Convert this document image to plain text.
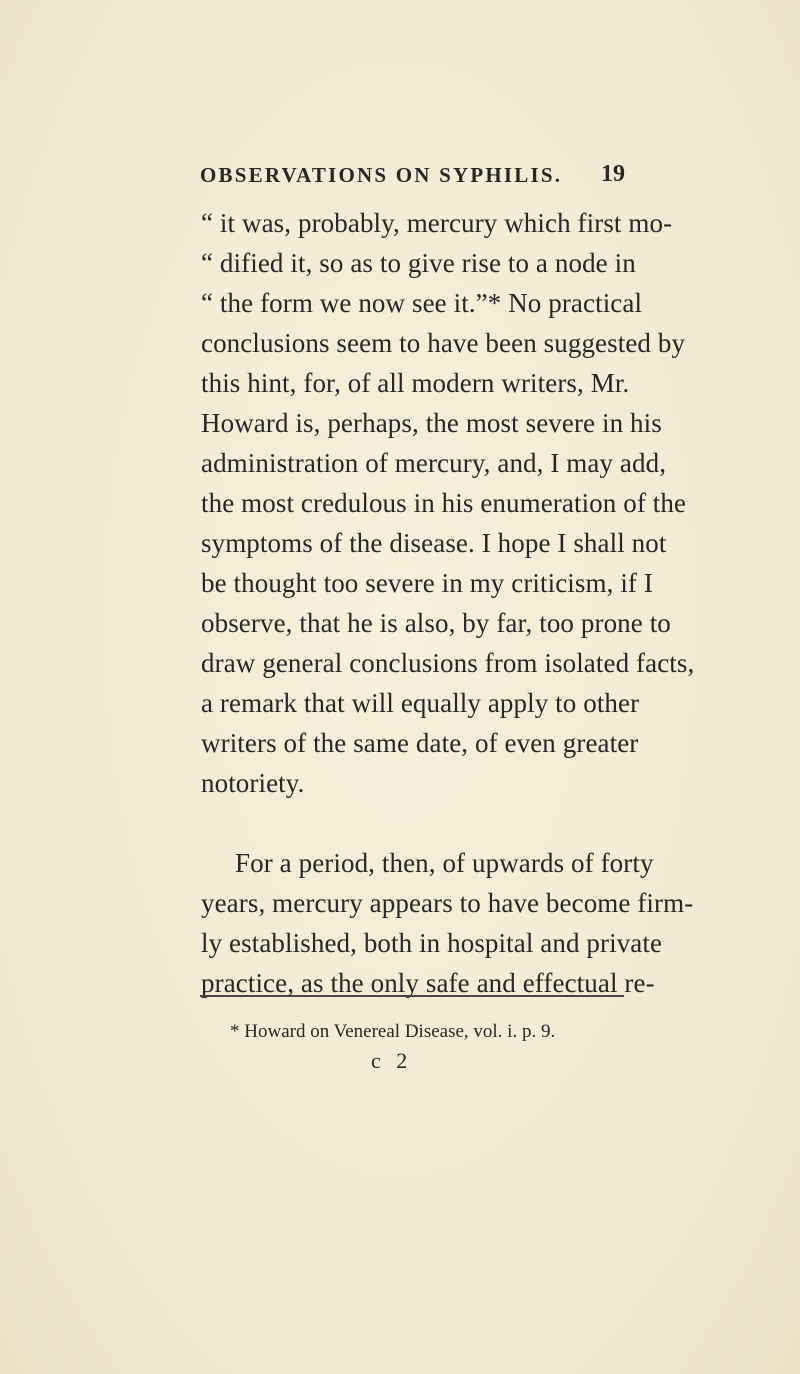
OBSERVATIONS ON SYPHILIS. 19
“ it was, probably, mercury which first mo-
“ dified it, so as to give rise to a node in
“ the form we now see it.”* No practical
conclusions seem to have been suggested by
this hint, for, of all modern writers, Mr.
Howard is, perhaps, the most severe in his
administration of mercury, and, I may add,
the most credulous in his enumeration of the
symptoms of the disease. I hope I shall not
be thought too severe in my criticism, if I
observe, that he is also, by far, too prone to
draw general conclusions from isolated facts,
a remark that will equally apply to other
writers of the same date, of even greater
notoriety.
For a period, then, of upwards of forty
years, mercury appears to have become firm-
ly established, both in hospital and private
practice, as the only safe and effectual re-
* Howard on Venereal Disease, vol. i. p. 9.
c 2
